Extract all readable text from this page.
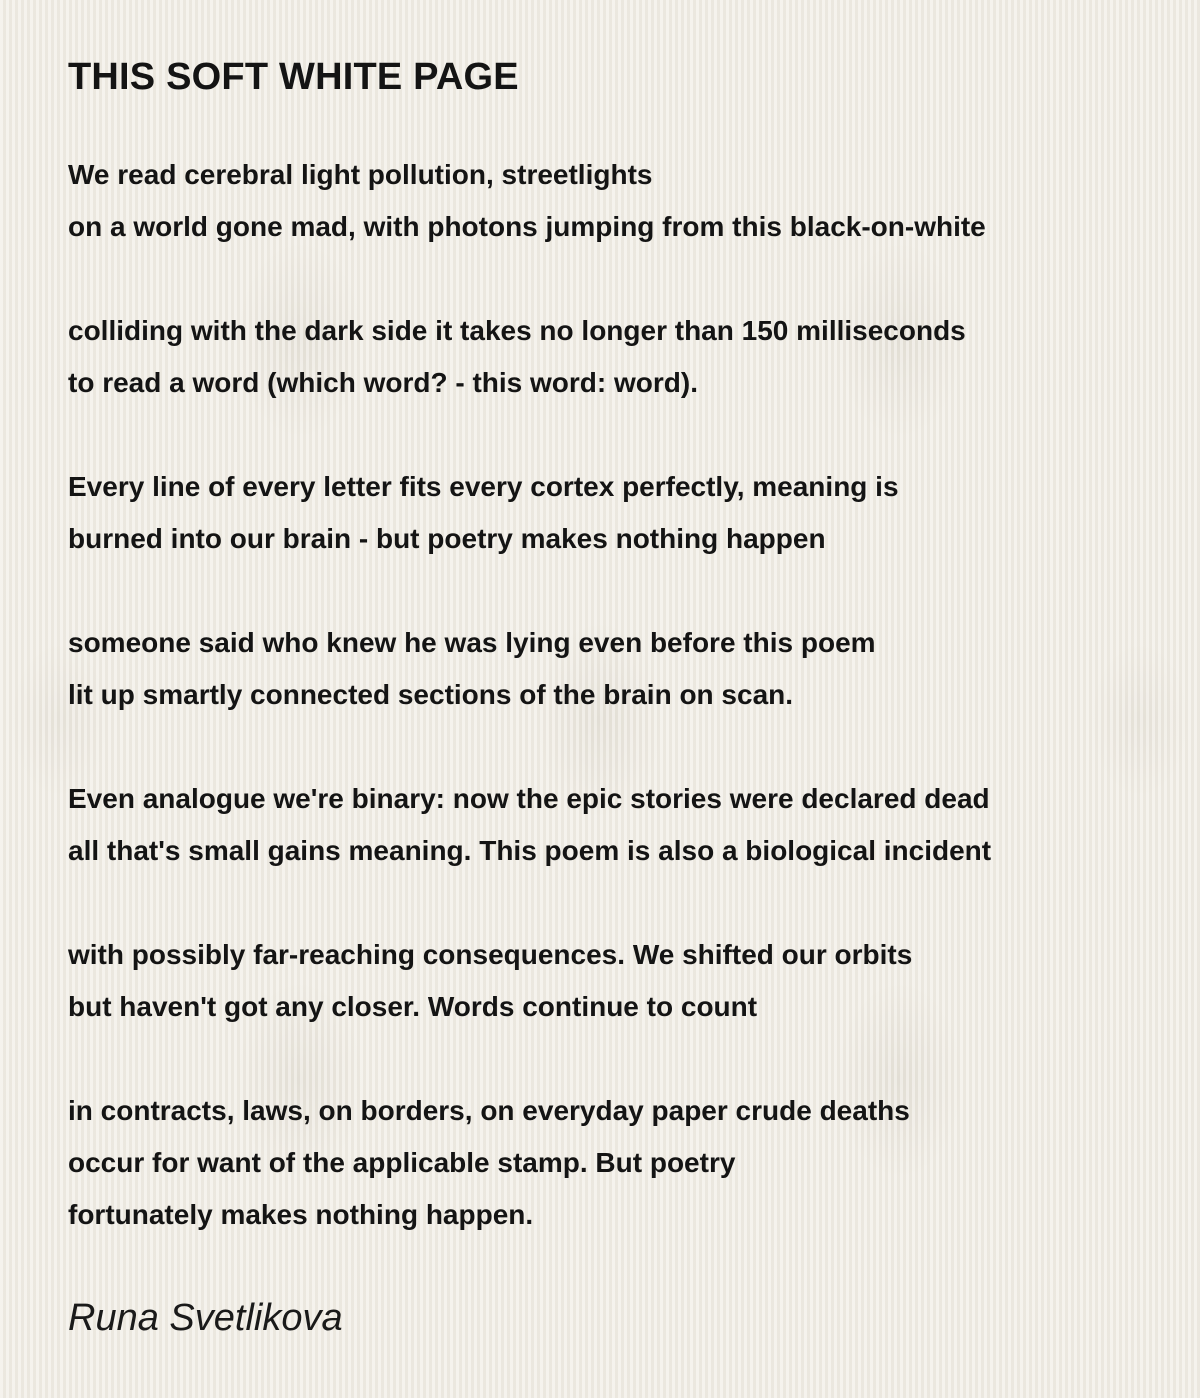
THIS SOFT WHITE PAGE

We read cerebral light pollution, streetlights
on a world gone mad, with photons jumping from this black-on-white

colliding with the dark side it takes no longer than 150 milliseconds
to read a word (which word? - this word: word).

Every line of every letter fits every cortex perfectly, meaning is
burned into our brain - but poetry makes nothing happen

someone said who knew he was lying even before this poem
lit up smartly connected sections of the brain on scan.

Even analogue we're binary: now the epic stories were declared dead
all that's small gains meaning. This poem is also a biological incident

with possibly far-reaching consequences. We shifted our orbits
but haven't got any closer. Words continue to count

in contracts, laws, on borders, on everyday paper crude deaths
occur for want of the applicable stamp. But poetry
fortunately makes nothing happen.

Runa Svetlikova
